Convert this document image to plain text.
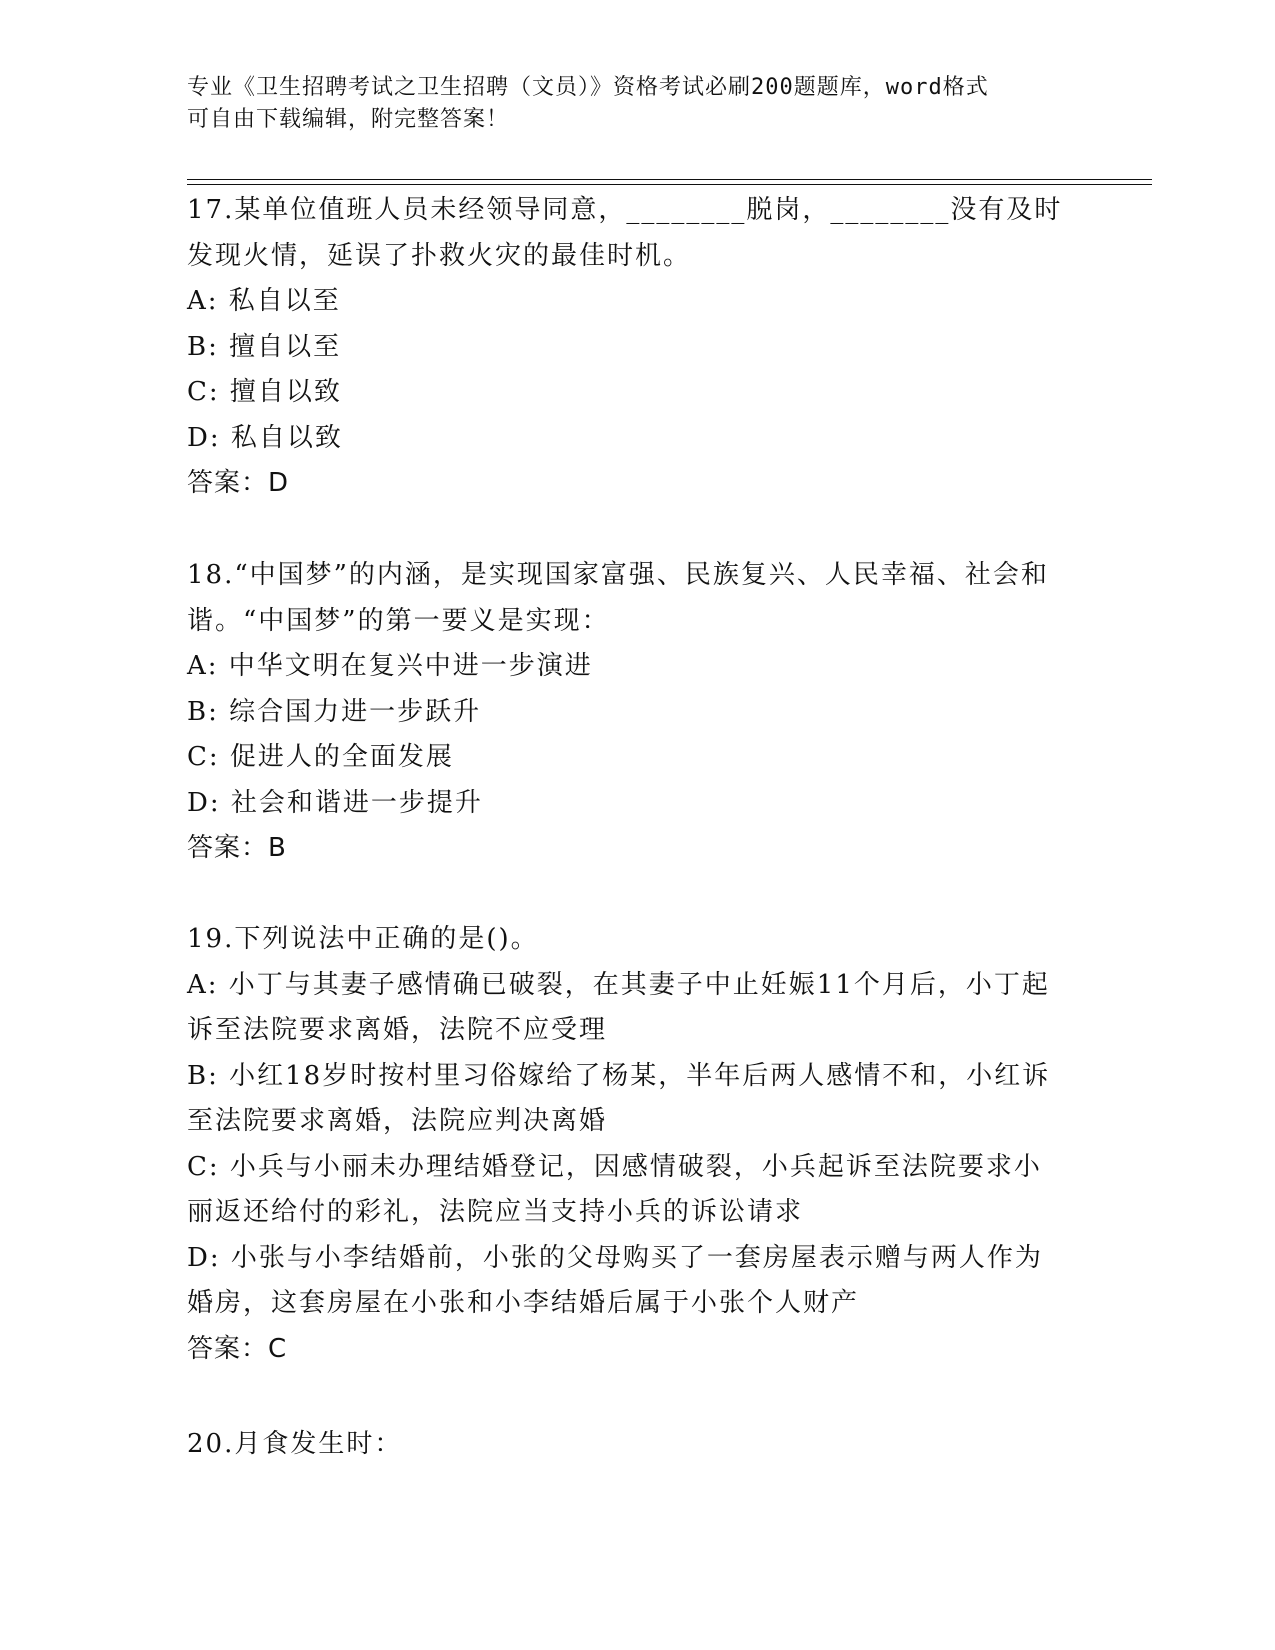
专业《卫生招聘考试之卫生招聘（文员）》资格考试必刷200题题库，word格式
可自由下载编辑，附完整答案！
17.某单位值班人员未经领导同意，________脱岗，________没有及时发现火情，延误了扑救火灾的最佳时机。
A: 私自以至
B: 擅自以至
C: 擅自以致
D: 私自以致
答案：D
18.“中国梦”的内涵，是实现国家富强、民族复兴、人民幸福、社会和谐。“中国梦”的第一要义是实现：
A: 中华文明在复兴中进一步演进
B: 综合国力进一步跃升
C: 促进人的全面发展
D: 社会和谐进一步提升
答案：B
19.下列说法中正确的是()。
A: 小丁与其妻子感情确已破裂，在其妻子中止妊娠11个月后，小丁起诉至法院要求离婚，法院不应受理
B: 小红18岁时按村里习俗嫁给了杨某，半年后两人感情不和，小红诉至法院要求离婚，法院应判决离婚
C: 小兵与小丽未办理结婚登记，因感情破裂，小兵起诉至法院要求小丽返还给付的彩礼，法院应当支持小兵的诉讼请求
D: 小张与小李结婚前，小张的父母购买了一套房屋表示赠与两人作为婚房，这套房屋在小张和小李结婚后属于小张个人财产
答案：C
20.月食发生时：
